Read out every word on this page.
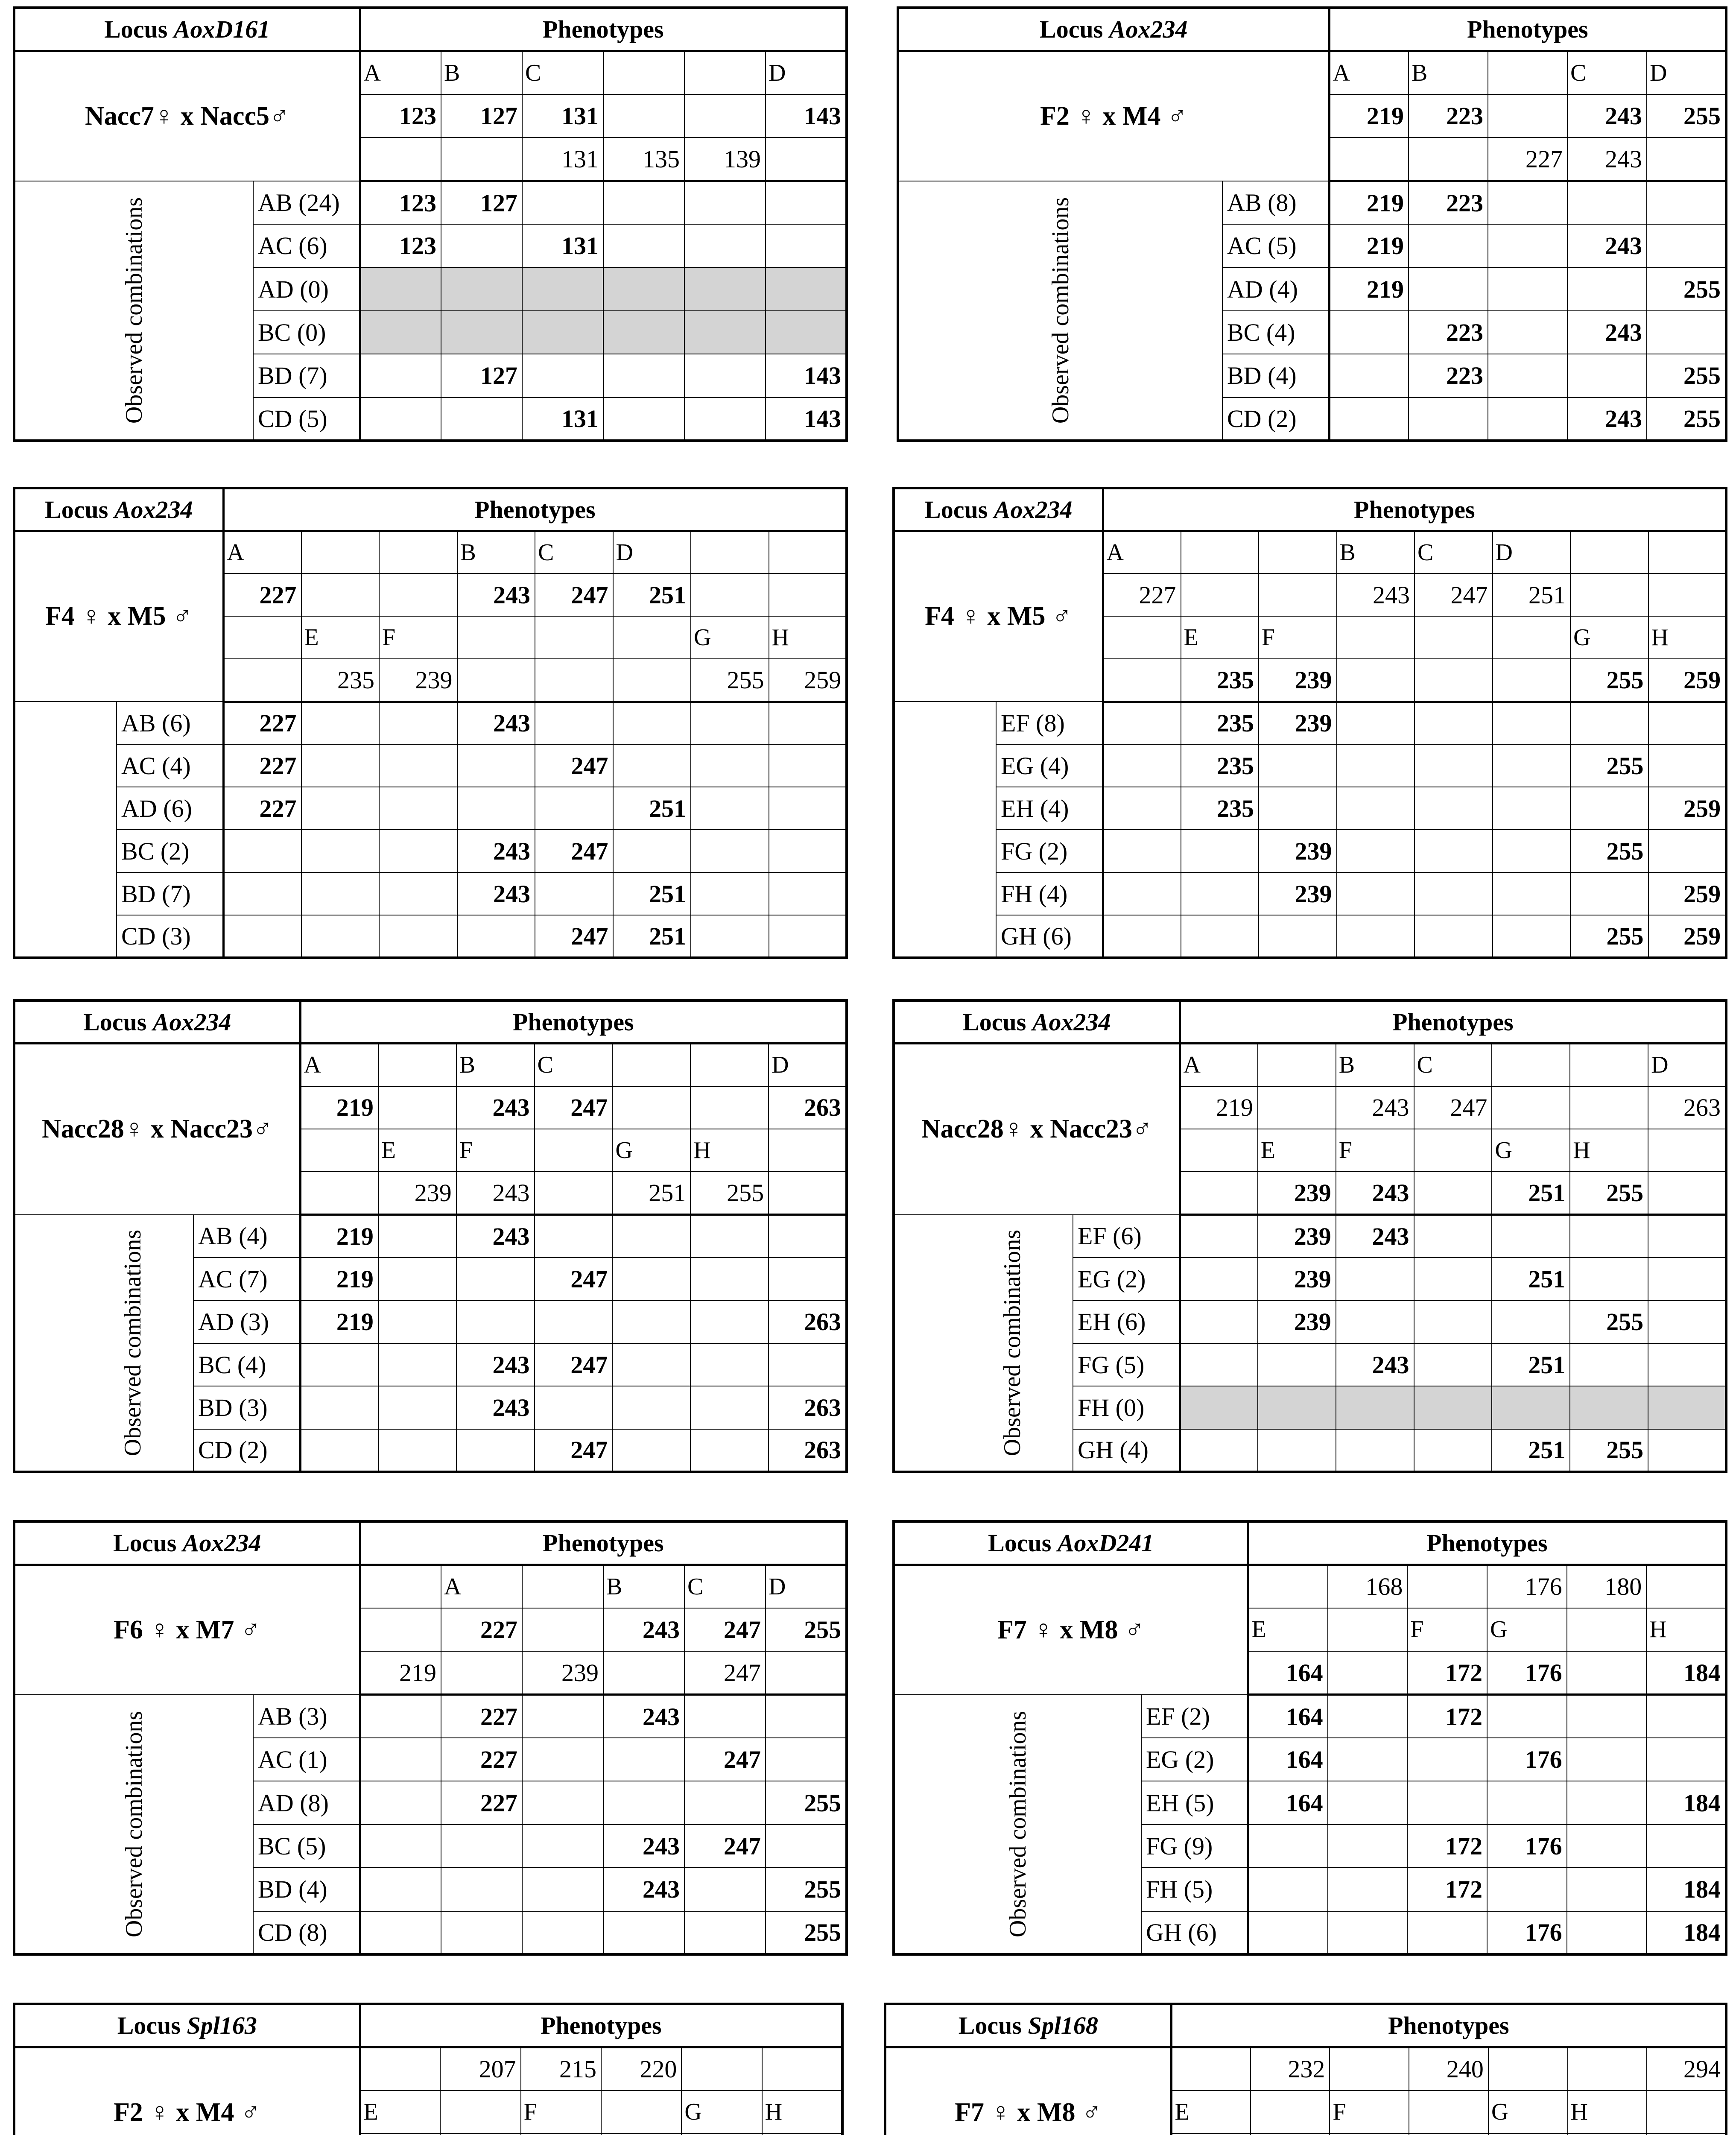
Locus AoxD161		Phenotypes					
Nacc7♀ x Nacc5♂		A	B	C			D
		123	127	131			143
				131	135	139	
Observed combinations	AB (24)	123	127				
	AC (6)	123		131			
	AD (0)						
	BC (0)						
	BD (7)		127				143
	CD (5)			131			143
Locus Aox234		Phenotypes				
F2 ♀ x M4 ♂		A	B		C	D
		219	223		243	255
				227	243	
Observed combinations	AB (8)	219	223			
	AC (5)	219			243	
	AD (4)	219				255
	BC (4)		223		243	
	BD (4)		223			255
	CD (2)				243	255
Locus Aox234		Phenotypes							
F4 ♀ x M5 ♂		A			B	C	D		
		227			243	247	251		
			E	F				G	H
			235	239				255	259
	AB (6)	227			243				
	AC (4)	227				247			
	AD (6)	227					251		
	BC (2)				243	247			
	BD (7)				243		251		
	CD (3)					247	251		
Locus Aox234		Phenotypes							
F4 ♀ x M5 ♂		A			B	C	D		
		227			243	247	251		
			E	F				G	H
			235	239				255	259
	EF (8)		235	239					
	EG (4)		235					255	
	EH (4)		235						259
	FG (2)			239				255	
	FH (4)			239					259
	GH (6)							255	259
Locus Aox234		Phenotypes						
Nacc28♀ x Nacc23♂		A		B	C			D
		219		243	247			263
			E	F		G	H	
			239	243		251	255	
Observed combinations	AB (4)	219		243				
	AC (7)	219			247			
	AD (3)	219						263
	BC (4)			243	247			
	BD (3)			243				263
	CD (2)				247			263
Locus Aox234		Phenotypes						
Nacc28♀ x Nacc23♂		A		B	C			D
		219		243	247			263
			E	F		G	H	
			239	243		251	255	
Observed combinations	EF (6)		239	243				
	EG (2)		239			251		
	EH (6)		239				255	
	FG (5)			243		251		
	FH (0)							
	GH (4)					251	255	
Locus Aox234		Phenotypes					
F6 ♀ x M7 ♂			A		B	C	D
			227		243	247	255
		219		239		247	
Observed combinations	AB (3)		227		243		
	AC (1)		227			247	
	AD (8)		227				255
	BC (5)				243	247	
	BD (4)				243		255
	CD (8)						255
Locus AoxD241		Phenotypes					
F7 ♀ x M8 ♂			168		176	180	
		E		F	G		H
		164		172	176		184
Observed combinations	EF (2)	164		172			
	EG (2)	164			176		
	EH (5)	164					184
	FG (9)			172	176		
	FH (5)			172			184
	GH (6)				176		184
Locus Spl163		Phenotypes					
F2 ♀ x M4 ♂			207	215	220		
		E		F		G	H

Locus Spl168		Phenotypes						
F7 ♀ x M8 ♂			232		240			294
		E		F		G	H	
